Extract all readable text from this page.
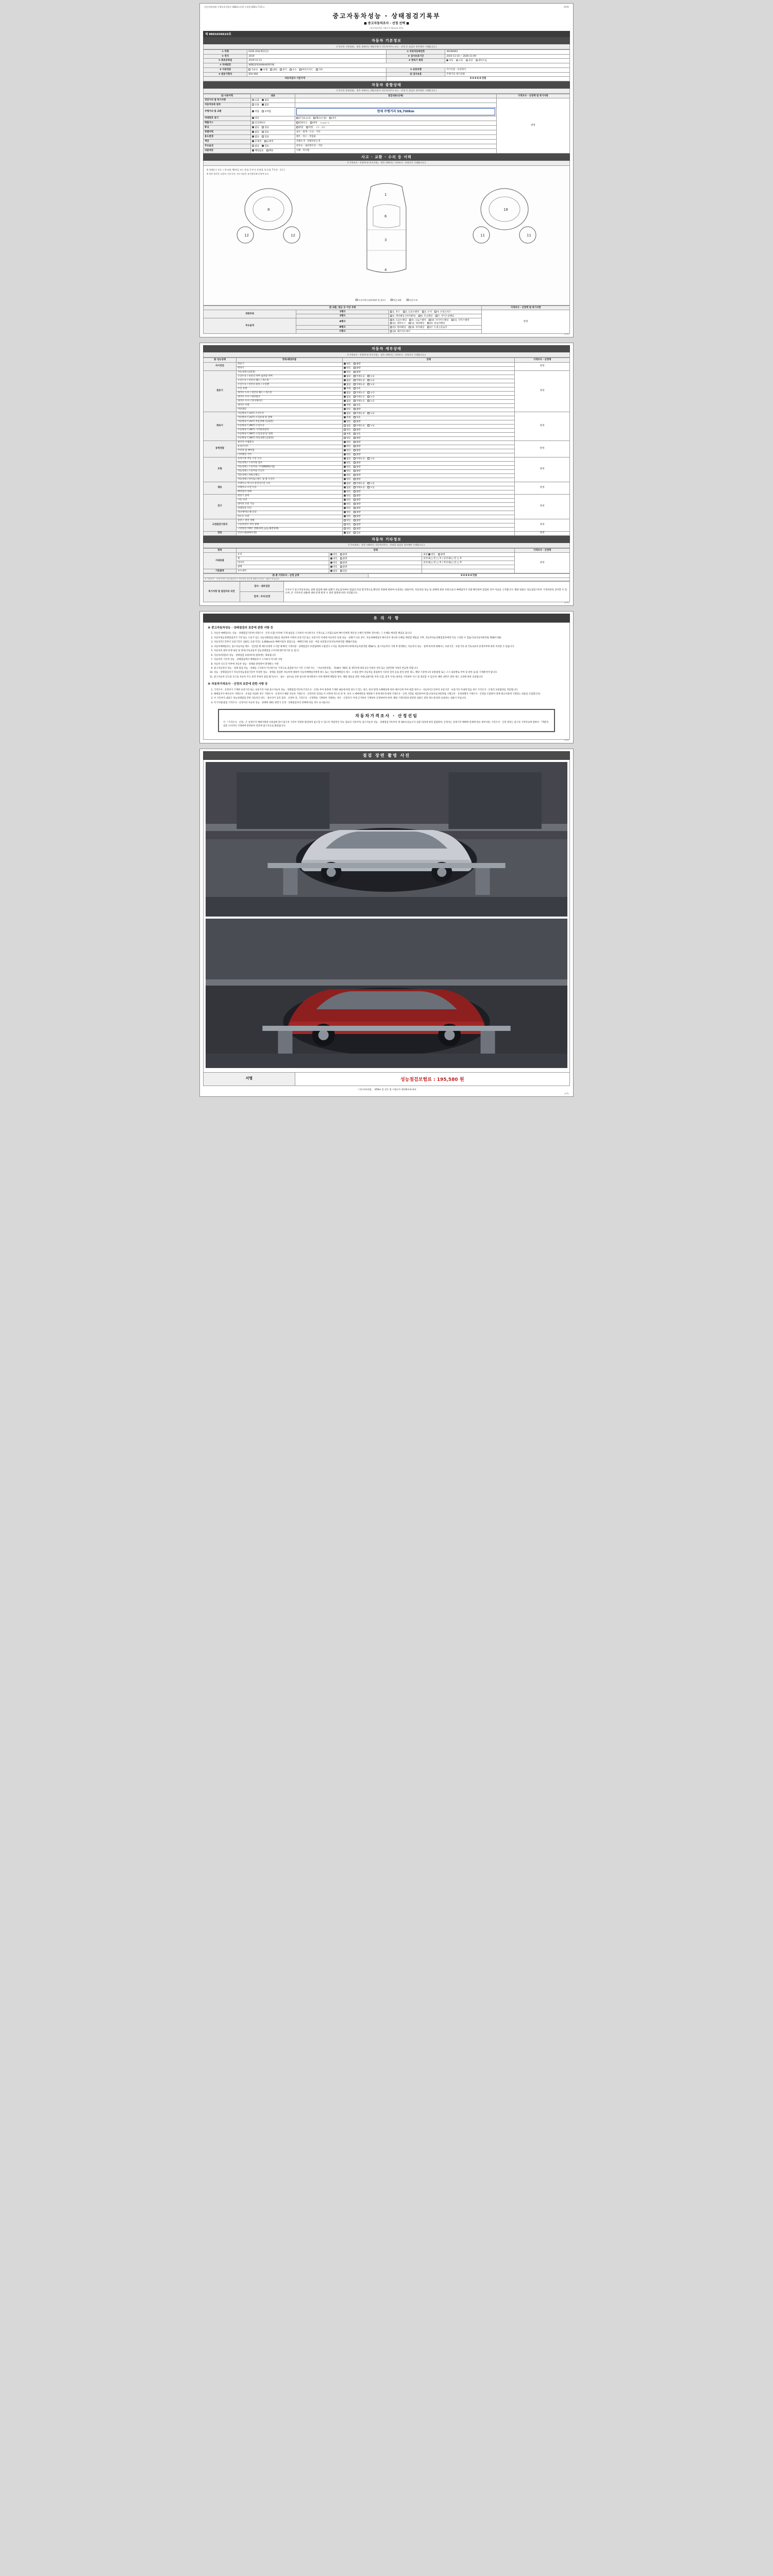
자동차관리법 시행규칙 [별지 제82호서식] <개정 2021.7.15.>	(1쪽)
중고자동차성능 · 상태점검기록부
■ 중고자동차조사 · 선정 선택 ■
(자동차관리법 시행규칙 제120조 관련)
제 9801036623호
자동차 기본정보
(『자동차 기본정보』 항목 내에서는 해당사항이 자동차사무소 또는 · 산정 등 점검자 경우에만 기재합니다.)
① 차명	E220 d14(세단)급)	② 자동차등록번호	362S6661
③ 연식	2019	④ 검사유효기간	2025-11-10 ~ 2026-11-09
⑤ 최초등록일	2019-12-13	⑥ 변속기 종류	자동 수동 무단 세미오토
⑦ 차대번호	WDD2F0200KA659740		
⑧ 사용연료	가솔린 디젤 LPG 전기 수소 하이브리드 기타	⑨ 보증유형	자기인증 · 보증형식
⑩ 원동기형식	654 900	⑪ 검사유효	주행거리 계기상태
자동차검사 기준가격		0 0 0 0 0 만원	
자동차 종합상태
(『자동차 종합상태』 항목 내에서는 해당사항이 자동차사무소 또는 · 산정 등 점검자 경우에만 기재합니다.)
⑫ 사용이력	내용	점검내용(상세)	가격조사 · 산정액 및 특기사항
진단기의 점 특기사항	유용 없음		판정
자동차등록 원부	유용 없음		
주행거리 및 교환	적합 부적합	현재 주행거리 59,700km	

차대번호 표기	양호	부식(1,2,3) 훼손(오염) 상이	
배출가스	일산화탄소	탄화수소 매연 % ppm %	
튜닝	없음 있음	불법 적법 구조 · 장치	
특별이력	없음 있음	침수 · 화재 · 도난 · 기타	
용도변경	없음 있음	렌트 · 리스 · 영업용	
색상	무채색 유채색	전체도색 · 전체부분도색	
주요옵션	없음 있음	썬루프 · 내비게이션 · 기타	
리콜대상	해당없음 해당	이행 · 미이행	
사고 · 교환 · 수리 등 이력
(『가격조사 · 산정액 및 특기사항』 항목 내에서는 가격조사 · 산정자가 기재합니다.)
※ 상태표시 부호 : ( X:교환, W:판금 또는 용접, C:부식, A:흠집, U:요철, T:손상 · 굴곡 )
※ 하단 항목은 승용차 기준이며, 기타 차종은 유사항목에 준하여 표시
8
12	12
1
6
3
4
16
11	11
사고이력 (교차/외판 및 침수)	단순교환	단순수리
⑬ 교환, 판금 등 이상 부위			가격조사 · 산정액 및 특기사항
외판부위	1랭크	1. 후드 2. 프론트펜더 3. 도어 4. 트렁크리드	판정
	2랭크	5. 쿼터패널 (리어펜더) 6. 루프패널 7. 사이드실패널	
주요골격	A랭크	8. 프론트패널 9. 크로스멤버 10. 인사이드패널 11. 사이드멤버 12. 휠하우스 13. 대쉬패널 14. 플로어패널	
	B랭크	15. 필라패널 16. 리어패널 17. 트렁크플로어	
	C랭크	18. 패키지트레이	
(1쪽)
자동차 세부상태
(『가격조사 · 산정액 및 특기사항』 항목 내에서는 가격조사 · 산정자가 기재합니다.)
⑭ 성능상태	항목/해당부품	상태	가격조사 · 산정액
자기진단	원동기	양호 불량	판정
	변속기	양호 불량	
원동기	작동상태 (공회전)	양호 불량	판정
	오일누유 / 실린더 커버 로커암 커버	없음 미세누유 누유	
	오일누유 / 실린더 헤드 / 개스킷	없음 미세누유 누유	
	오일누유 / 실린더 블록 / 오일팬	없음 미세누유 누유	
	오일 유량	적정 부족	
	냉각수 누수 / 실린더 헤드 / 개스킷	없음 미세누수 누수	
	냉각수 누수 / 워터펌프	없음 미세누수 누수	
	냉각수 누수 / 라디에이터	없음 미세누수 누수	
	냉각수 수량	적정 부족	
	커먼레일	양호 불량	
변속기	자동변속기 (A/T) 오일누유	없음 미세누유 누유	판정
	자동변속기 (A/T) 오일유량 및 상태	적정 부족	
	자동변속기 (A/T) 작동상태 (공회전)	양호 불량	
	수동변속기 (M/T) 오일누유	없음 미세누유 누유	
	수동변속기 (M/T) 기어변속장치	양호 불량	
	수동변속기 (M/T) 오일유량 및 상태	적정 부족	
	수동변속기 (M/T) 작동상태 (공회전)	양호 불량	
동력전달	클러치 어셈블리	양호 불량	판정
	등속조인트	양호 불량	
	추진축 및 베어링	양호 불량	
	디퍼렌셜 기어	양호 불량	
조향	동력조향 작동 오일 누유	없음 미세누유 누유	판정
	작동상태 / 스티어링 펌프	양호 불량	
	작동상태 / 스티어링 기어(MDPS포함)	양호 불량	
	작동상태 / 스티어링 조인트	양호 불량	
	작동상태 / 파워크랭크	양호 불량	
	작동상태 / 타이로드엔드 및 볼 조인트	양호 불량	
제동	브레이크 마스터 실린더오일 누유	없음 미세누유 누유	판정
	브레이크 오일 누유	없음 미세누유 누유	
	배력장치 상태	양호 불량	
전기	발전기 출력	양호 불량	판정
	시동 모터	양호 불량	
	와이퍼 모터 기능	양호 불량	
	실내송풍 모터	양호 불량	
	라디에이터 팬 모터	양호 불량	
	윈도우 모터	양호 불량	
고전원전기장치	충전구 절연 상태	양호 불량	판정
	구동축전지 격리 상태	양호 불량	
	고전원전기배선 상태(피복,높음,체결상태)	양호 불량	
연료	연료누출(LPG포함)	없음 있음	판정
자동차 기타정보
(『기타정보』 항목 내에서는 자동차사무소 · 산정을 점검자 경우에만 기재합니다.)
항목	상태			가격조사 · 산정액
사내용품	유리	양호 불량	내장 양호 불량	판정
	휠	양호 불량	쿤선내(□ 전 □ 후 / 쿤선내(□ 전 □ 후	
	타이어	양호 불량	쿤선내(□ 전 □ 후 / 후선내(□ 전 □ 후	
	광택	양호 불량		
기본품목	보수내역	없음 있음		
㉕ 총 가격조사 · 산정 금액	0 0 0 0 0 만원
※ 가격조사 · 산정가격은 성능점검자가 자동차의 성능에 대해 보증하는 내용이 아닙니다.
특기사항 및 점검자의 의견	검사 · 내부검검	조사수가 중고자동차성능 상태 점검에 대한 업체가 성능검사하여 점검/조사의 합격적으로 확인된 차량에 한하여 보증하는 내용이며, 자동차의 성능 및 상태에 관한 사항으로서 매매업자가 직접 확인하여 점검한 것이 아님을 고지합니다. 해당 내용은 성능점검기록부 기재사항과 상이할 수 있으며, 본 기록부의 내용에 대한 분쟁 발생 시 관련 법령에 따라 처리됩니다.
검색 · 조사/산정
(2쪽)
유 의 사 항
※ 중고자동차성능 · 상태점검의 보증에 관한 사항 등
1. 자동차 매매업자는 성능 · 상태점검기록부(거래조사 · 산정 포함) 비치에 기재 내용을 고지하지 아니하거나 거짓으로 고지함으로써 매수인에게 재산상 손해가 발생한 경우에는 그 손해를 배상할 책임을 집니다.
2. 자동차성능상태점검자가 거짓 또는 오류가 있는 성능상태점검 내용을 제공하여 이래의 보증기간 또는 보증거리 이내에 자동차의 실제 성능 · 상태가 다른 경우, 자동차매매업자 매수인이 제시한 손해를 배상할 책임을 지며, 자동차성능상태점검자에게 이를 구상할 수 있습니다(자동차관리법 제58조의6).
3. 자동차인도일부터 보증기간은 (30일, 보증거리는 2,000km)을 매매사업자 점검으로 · 매매인지와 보증 · 마감 보증합니다(자동차관리법 제58조의4).
4. 자동차매매업자는 중고자동차를 매도 · 알선할 때 매수인에게 고지할 때 확인 기재사항 · 상태점검의 보증범위에 포함된다 고지를 제공하여야 하며(자동차관리법 제58조), 중고자동차의 거래 후 발생하는 자동차의 성능 · 상태 하자에 대해서는 보증기간 · 보증거리 내 국토교통부 분쟁사무에 따라 처리할 수 있습니다.
5. 자동차의 관한 분쟁 내용 및 절차(국토교통부 성능상태점검 소비자분쟁조정기준 등 참고)
6. 자동차(차량)의 성능 · 상태점검 보증(하자) 범위에는 제외됩니다.
7. 자동차의 기본적 성능 · 상태점검에서 매매업자가 고지하지 아니한 사항
8. 자동차 인도일 이후에 자동차 성능 · 상태와 관련하여 발생하는 사항
9. 중고자동차의 성능 · 상태 점검 성능 · 상태를 고지하지 아니하거나 거짓으로 점검하거나 거짓 고지한 자는 「자동차관리법」 제 80조 제6호 및 제7호에 따라 2년 이하의 징역 또는 2천만원 이하의 벌금에 처합니다.
10. 성능 · 상태점검자가 자동차성능점검기록부 작성한 성능 · 상태를 점검한 자동차에 대하여 자동차매매업자에게 양도 또는 자동차매매업자 제시 · 요청을 받아 자동차를 점검하여 기준과 절차 등을 관리 관련 제도, 해당 기준에 1의 1항(법령 또는 고시 내용별로 부여 및 관련 등)을 기재하여야 합니다.
11. 중고자동차 인도와 사고로 자동차 주요 물적 부위의 점검 평가(사고 · 침수 · 침수)로 인한 중요한 하자발생시 이하 행위에 해당할 경우, 해당 내용을 관련 사항(교환비용 부분 포함, 물적 수리) 내역을 기록하여 사고 및 제공할 수 있으며, 해당 내역은 관련 제도 규정에 따라 보증됩니다.
※ 자동차가격조사 · 산정의 보증에 관한 사항 등
1. 가격조사 · 산정자가 기재한 보증기간 또는 보증거리 이내 중고자동차 성능 · 상태점검기록부(가격조사 · 산정) 부여 항목에 기재한 내용에 따라 양도가 있는 경우, 하자 발생 손해배상에 따라 매수인에 부여 대할 경우나 · 자동차인도일부터 보증기간 · 보증거리 이내에 있음 경우 가격조사 · 산정의 보증범위를 적용합니다.
2. 매매업자가 매수인이 거래조사 · 산정을 의뢰한 경우 거래조사 · 산정자가 해당 자동차 거래조사 · 산정자의 결과를 이 서면에 적도록 한 후, 보다 시 매매계약을 체결하기 전에 매수인에게 거래조사 · 산정 서면을 제공하여야 합니다(자동차관리법 시행규칙 · 산정대행자 기재조사 · 산정을 포함하여 전체 체크사항에 기재되는 내용을 포함합니다).
3. 이 기록부의 내용은 성능상태점검 안한 자동차인 양도 · 양수인이 상호 합의 · 산정한 것, 가격조사 · 산정액을 기재하여 거래하는 경우 · 산정자가 이에 근거하여 기재하여 산정하여야 하며, 해당 기재사항과 관련된 내용은 관련 제도에 따라 보증하는 내용이 아닙니다.
4. 특기사항(점검 가격조사 · 산정자의 자동차 성능 · 상태에 대한) 관련가 산정 · 상태점검자의 견해에 따를 경우 표시됩니다.
자동차가격조사 · 산정선임
이 『가격조사 · 산정』은 실제가격 매매거래에 사용됨에 있어 중고차 가격이 적정한 판단하여 참고할 수 있도록 객관적인 자료 검토의 기준이며, 중고자동차 성능 · 상태점검기록부의 제 제4조(성능조사 검증기준)에 따라 점검하며, 산정자는 실제가격 매매에 전체에 따른 세부사항, 가격조사 · 산정 결과는 중고차 가격비교에 관하여 『객관적 검증 소비자의 거래에에 관련하여 결과에 참고자료로 활용됩니다.
(3쪽)
점검 장면 촬영 사진
서명	성능점검보험료 : 195,580 원
「자동차관리법」 제58조 및 같은 법 시행규칙 제120조에 따라
(4쪽)
